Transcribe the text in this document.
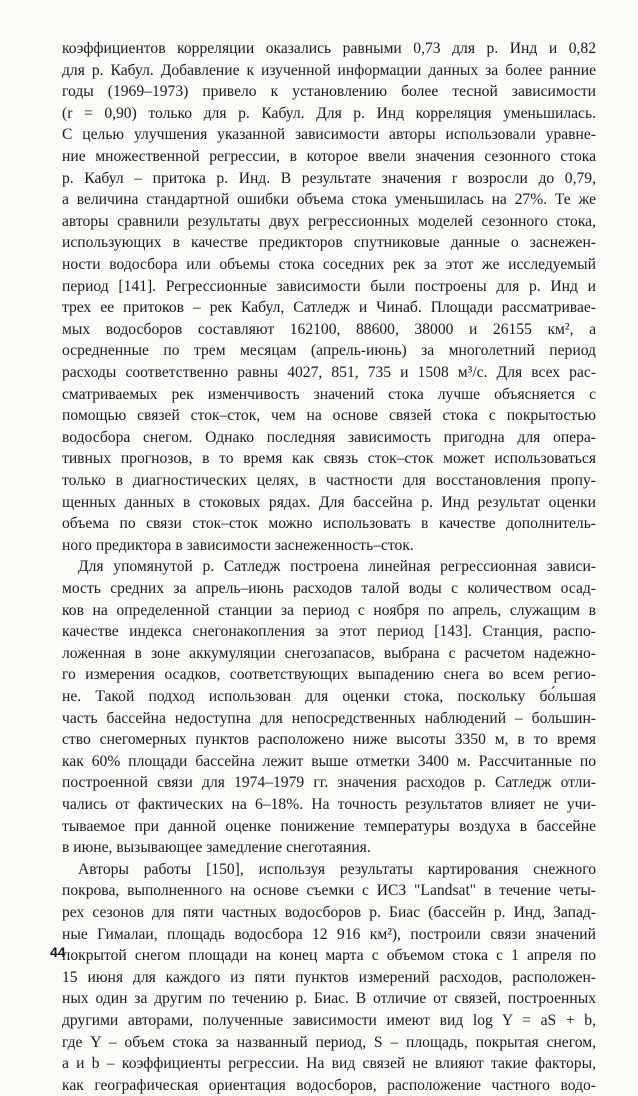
коэффициентов корреляции оказались равными 0,73 для р. Инд и 0,82
для р. Кабул. Добавление к изученной информации данных за более ранние
годы (1969–1973) привело к установлению более тесной зависимости
(r = 0,90) только для р. Кабул. Для р. Инд корреляция уменьшилась.
С целью улучшения указанной зависимости авторы использовали уравне-
ние множественной регрессии, в которое ввели значения сезонного стока
р. Кабул – притока р. Инд. В результате значения r возросли до 0,79,
а величина стандартной ошибки объема стока уменьшилась на 27%. Те же
авторы сравнили результаты двух регрессионных моделей сезонного стока,
использующих в качестве предикторов спутниковые данные о заснежен-
ности водосбора или объемы стока соседних рек за этот же исследуемый
период [141]. Регрессионные зависимости были построены для р. Инд и
трех ее притоков – рек Кабул, Сатледж и Чинаб. Площади рассматривае-
мых водосборов составляют 162100, 88600, 38000 и 26155 км², а
осредненные по трем месяцам (апрель-июнь) за многолетний период
расходы соответственно равны 4027, 851, 735 и 1508 м³/с. Для всех рас-
сматриваемых рек изменчивость значений стока лучше объясняется с
помощью связей сток–сток, чем на основе связей стока с покрытостью
водосбора снегом. Однако последняя зависимость пригодна для опера-
тивных прогнозов, в то время как связь сток–сток может использоваться
только в диагностических целях, в частности для восстановления пропу-
щенных данных в стоковых рядах. Для бассейна р. Инд результат оценки
объема по связи сток–сток можно использовать в качестве дополнитель-
ного предиктора в зависимости заснеженность–сток.
Для упомянутой р. Сатледж построена линейная регрессионная зависи-
мость средних за апрель–июнь расходов талой воды с количеством осад-
ков на определенной станции за период с ноября по апрель, служащим в
качестве индекса снегонакопления за этот период [143]. Станция, распо-
ложенная в зоне аккумуляции снегозапасов, выбрана с расчетом надежно-
го измерения осадков, соответствующих выпадению снега во всем регио-
не. Такой подход использован для оценки стока, поскольку бо́льшая
часть бассейна недоступна для непосредственных наблюдений – большин-
ство снегомерных пунктов расположено ниже высоты 3350 м, в то время
как 60% площади бассейна лежит выше отметки 3400 м. Рассчитанные по
построенной связи для 1974–1979 гг. значения расходов р. Сатледж отли-
чались от фактических на 6–18%. На точность результатов влияет не учи-
тываемое при данной оценке понижение температуры воздуха в бассейне
в июне, вызывающее замедление снеготаяния.
Авторы работы [150], используя результаты картирования снежного
покрова, выполненного на основе съемки с ИСЗ "Landsat" в течение четы-
рех сезонов для пяти частных водосборов р. Биас (бассейн р. Инд, Запад-
ные Гималаи, площадь водосбора 12 916 км²), построили связи значений
покрытой снегом площади на конец марта с объемом стока с 1 апреля по
15 июня для каждого из пяти пунктов измерений расходов, расположен-
ных один за другим по течению р. Биас. В отличие от связей, построенных
другими авторами, полученные зависимости имеют вид log Y = aS + b,
где Y – объем стока за названный период, S – площадь, покрытая снегом,
a и b – коэффициенты регрессии. На вид связей не влияют такие факторы,
как географическая ориентация водосборов, расположение частного водо-
44
